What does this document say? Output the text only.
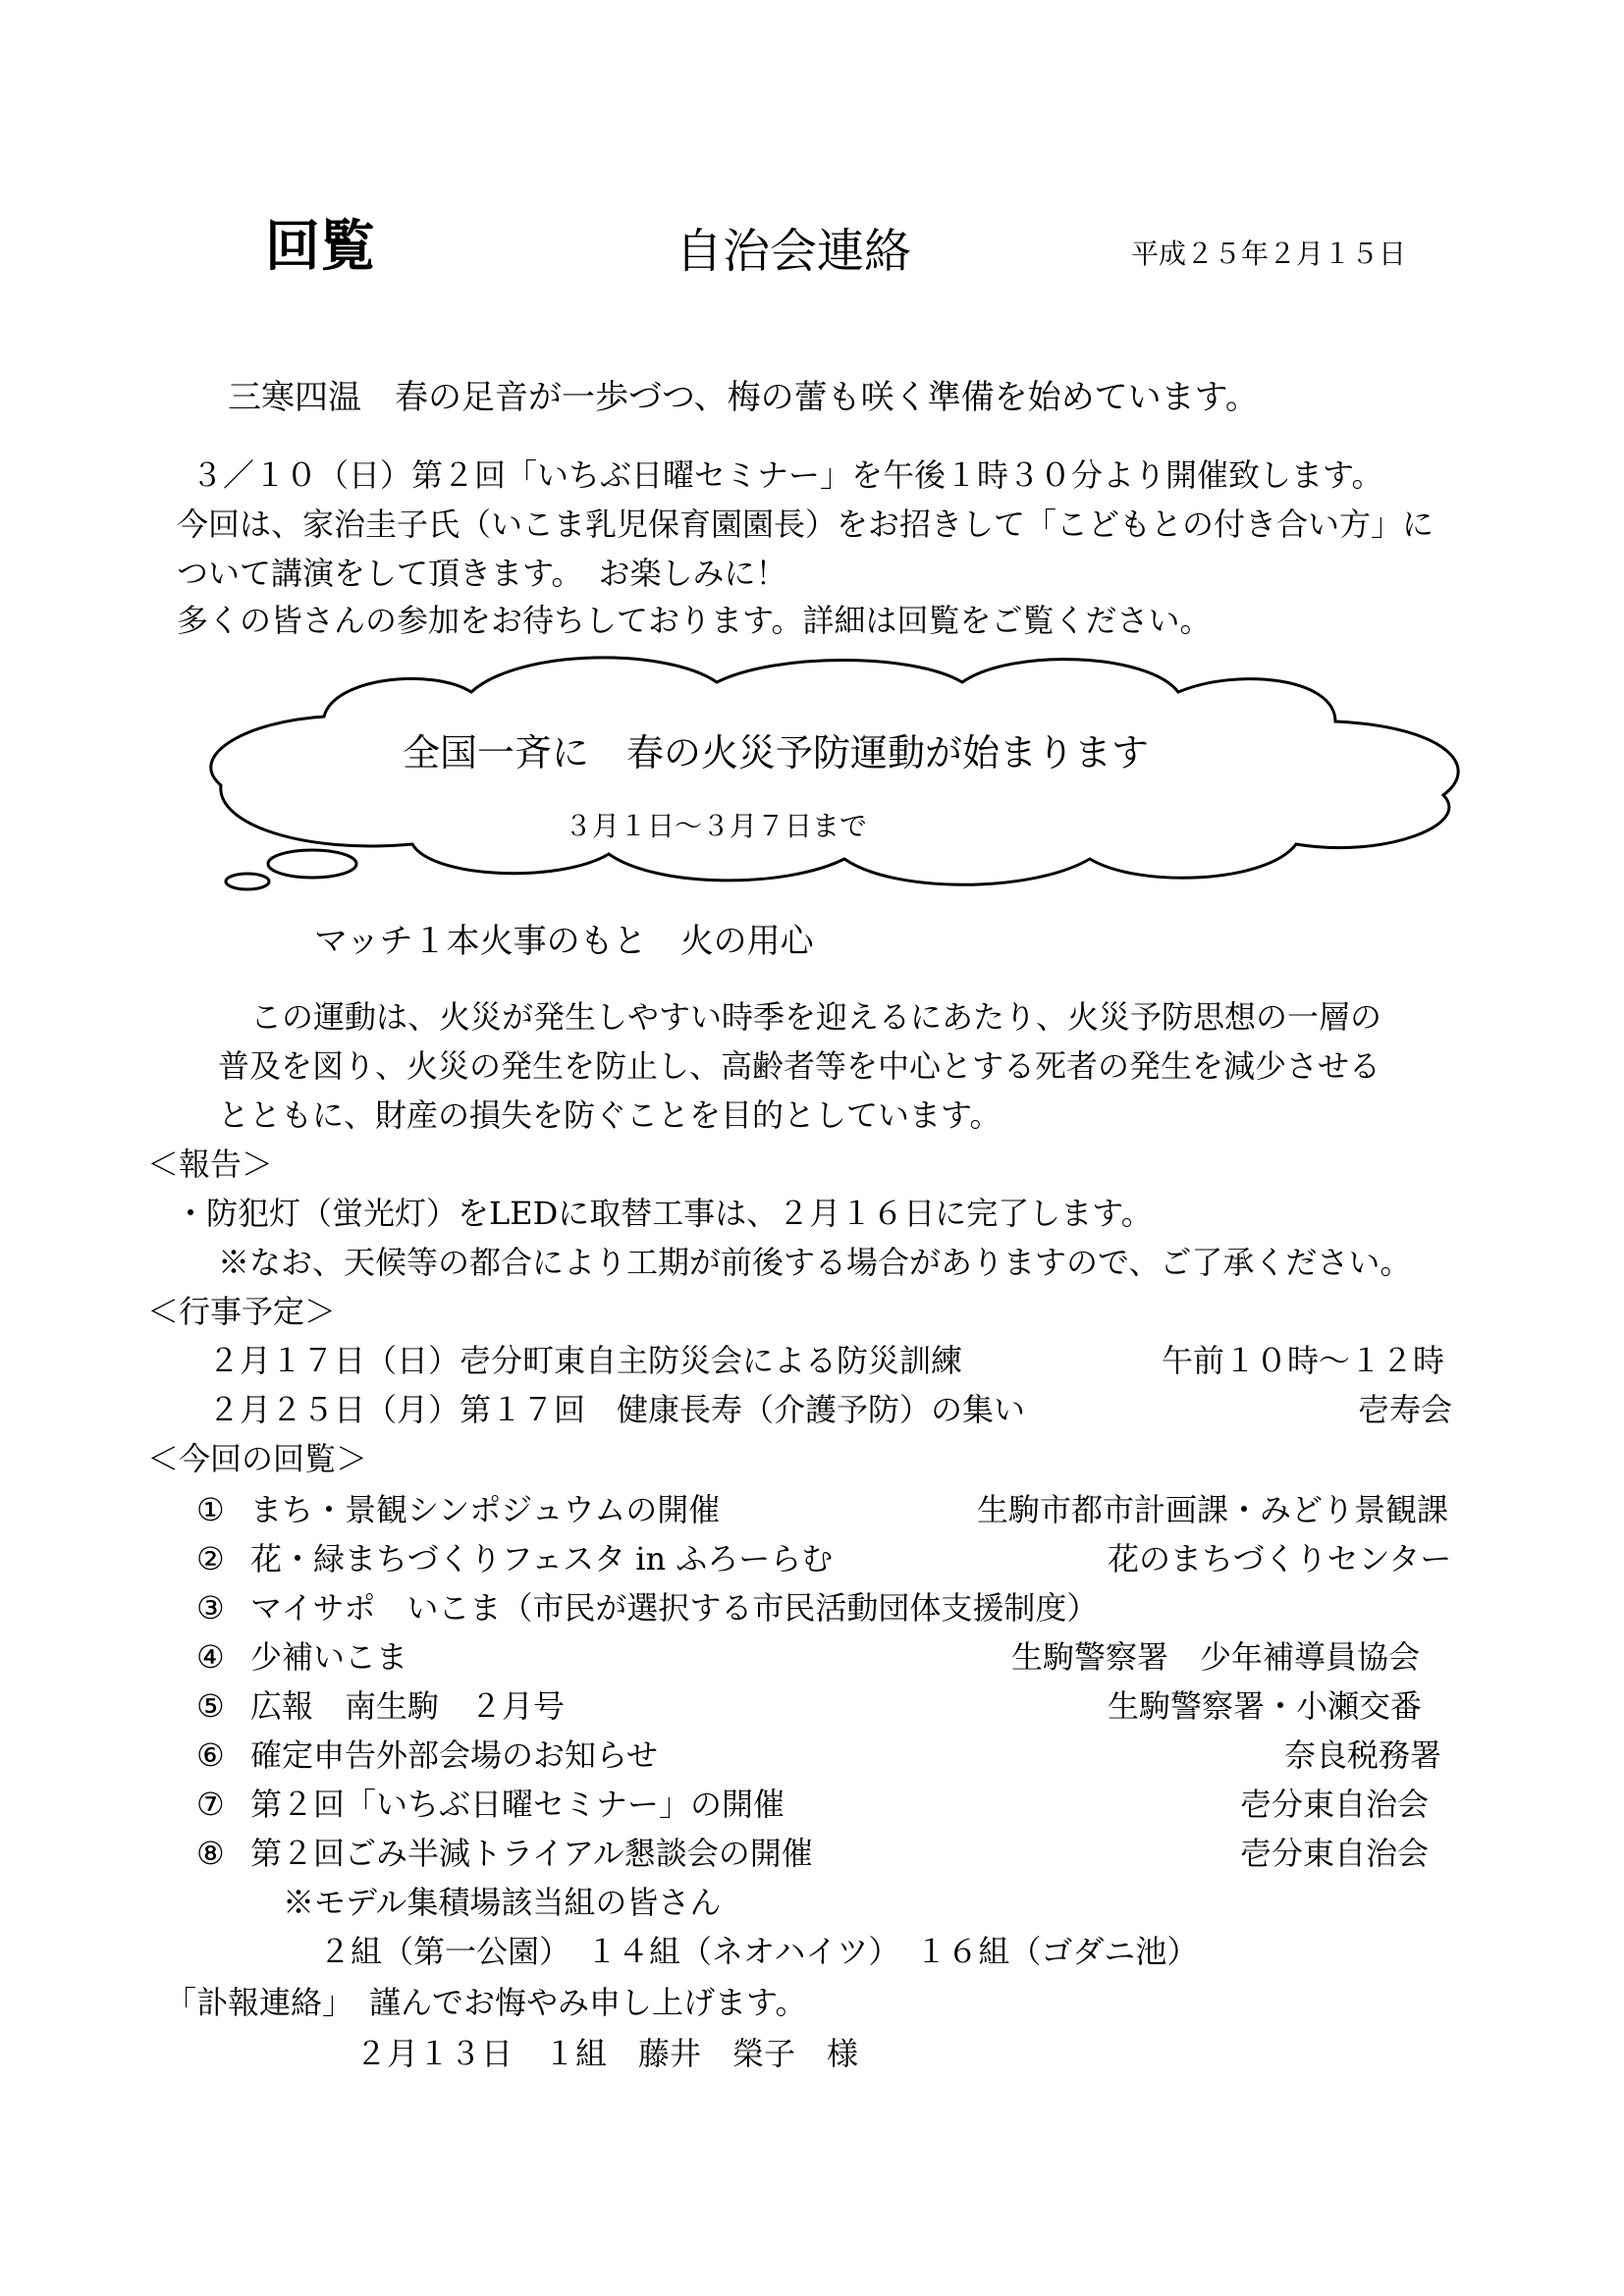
回覧	自治会連絡	平成２５年２月１５日
三寒四温　春の足音が一歩づつ、梅の蕾も咲く準備を始めています。
３／１０（日）第２回「いちぶ日曜セミナー」を午後１時３０分より開催致します。
今回は、家治圭子氏（いこま乳児保育園園長）をお招きして「こどもとの付き合い方」に
ついて講演をして頂きます。　お楽しみに！
多くの皆さんの参加をお待ちしております。詳細は回覧をご覧ください。
全国一斉に　春の火災予防運動が始まります
３月１日～３月７日まで
マッチ１本火事のもと　火の用心
この運動は、火災が発生しやすい時季を迎えるにあたり、火災予防思想の一層の
普及を図り、火災の発生を防止し、高齢者等を中心とする死者の発生を減少させる
とともに、財産の損失を防ぐことを目的としています。
＜報告＞
・防犯灯（蛍光灯）をLEDに取替工事は、２月１６日に完了します。
※なお、天候等の都合により工期が前後する場合がありますので、ご了承ください。
＜行事予定＞
２月１７日（日）壱分町東自主防災会による防災訓練	午前１０時～１２時
２月２５日（月）第１７回　健康長寿（介護予防）の集い	壱寿会
＜今回の回覧＞
① まち・景観シンポジュウムの開催	生駒市都市計画課・みどり景観課
② 花・緑まちづくりフェスタ in ふろーらむ	花のまちづくりセンター
③ マイサポ　いこま（市民が選択する市民活動団体支援制度）
④ 少補いこま	生駒警察署　少年補導員協会
⑤ 広報　南生駒　２月号	生駒警察署・小瀬交番
⑥ 確定申告外部会場のお知らせ	奈良税務署
⑦ 第２回「いちぶ日曜セミナー」の開催	壱分東自治会
⑧ 第２回ごみ半減トライアル懇談会の開催	壱分東自治会
※モデル集積場該当組の皆さん
２組（第一公園）　１４組（ネオハイツ）　１６組（ゴダニ池）
「訃報連絡」　謹んでお悔やみ申し上げます。
２月１３日　１組　藤井　榮子　様
